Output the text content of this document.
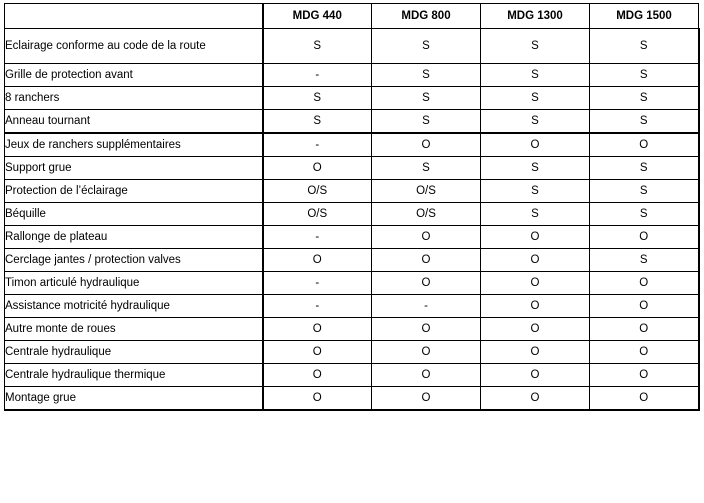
	MDG 440	MDG 800	MDG 1300	MDG 1500
Eclairage conforme au code de la route	S	S	S	S
Grille de protection avant	-	S	S	S
8 ranchers	S	S	S	S
Anneau tournant	S	S	S	S
Jeux de ranchers supplémentaires	-	O	O	O
Support grue	O	S	S	S
Protection de l’éclairage	O/S	O/S	S	S
Béquille	O/S	O/S	S	S
Rallonge de plateau	-	O	O	O
Cerclage jantes / protection valves	O	O	O	S
Timon articulé hydraulique	-	O	O	O
Assistance motricité hydraulique	-	-	O	O
Autre monte de roues	O	O	O	O
Centrale hydraulique	O	O	O	O
Centrale hydraulique thermique	O	O	O	O
Montage grue	O	O	O	O
